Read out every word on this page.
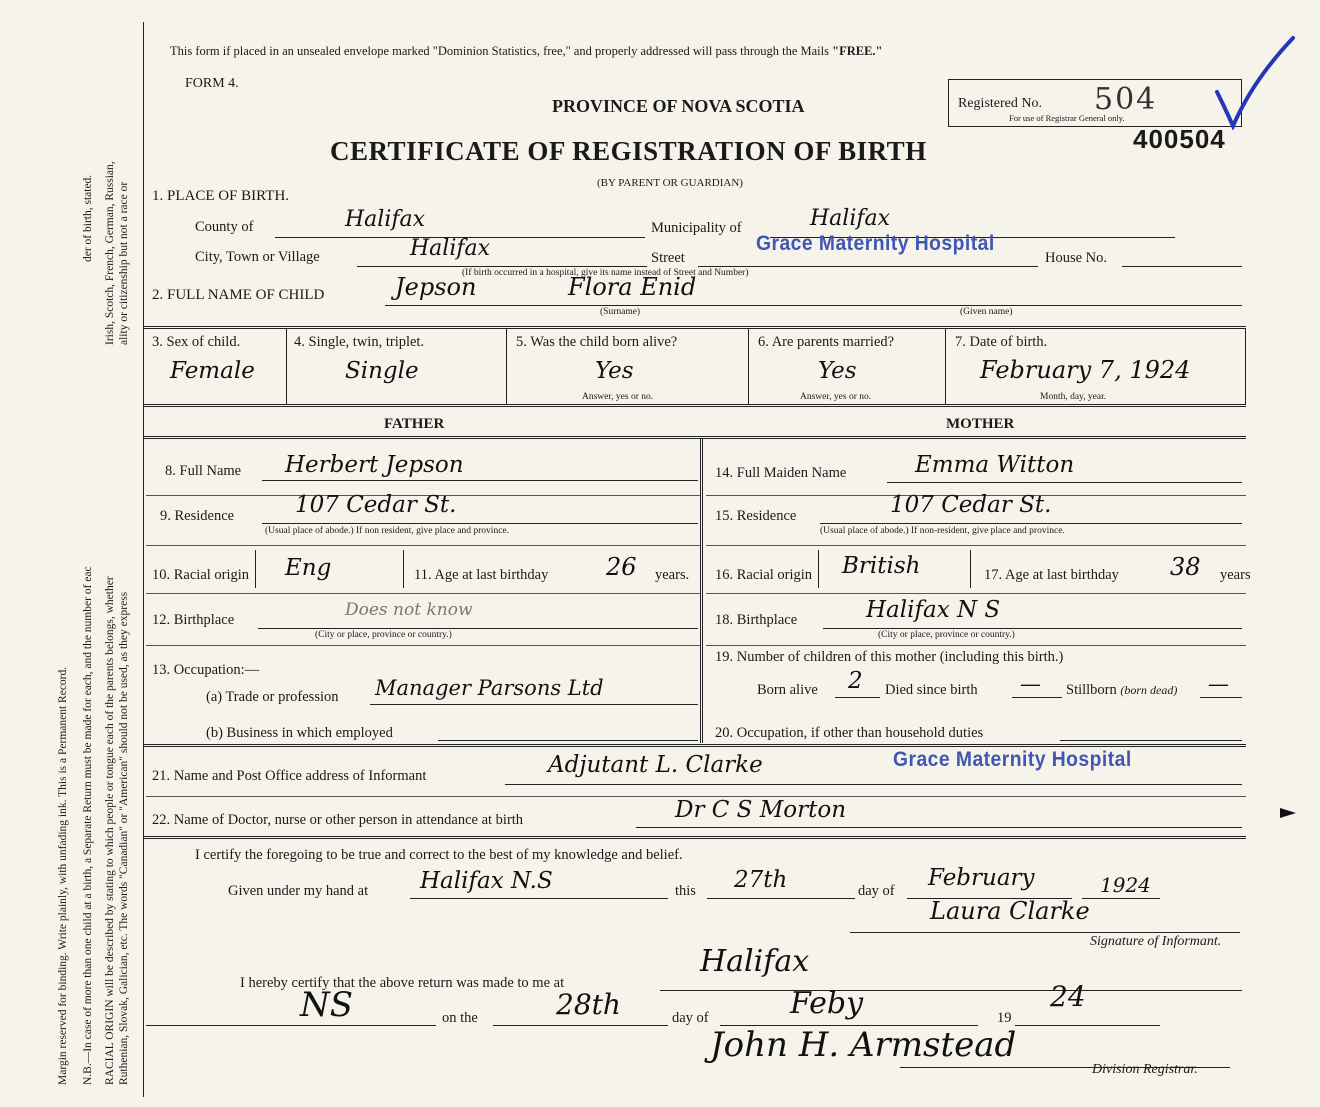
Margin reserved for binding. Write plainly, with unfading ink. This is a Permanent Record. N.B.—In case of more than one child at a birth, a Separate Return must be made for each, and the number of eac RACIAL ORIGIN will be described by stating to which people or tongue each of the parents belongs, whether Ruthenian, Slovak, Galician, etc. The words "Canadian" or "American" should not be used, as they express
Irish, Scotch, French, German, Russian, ality or citizenship but not a race or
der of birth, stated.
This form if placed in an unsealed envelope marked "Dominion Statistics, free," and properly addressed will pass through the Mails "FREE."
FORM 4.
PROVINCE OF NOVA SCOTIA
CERTIFICATE OF REGISTRATION OF BIRTH
(BY PARENT OR GUARDIAN)
Registered No. 504
For use of Registrar General only.
400504
1. PLACE OF BIRTH.
County of	Halifax	Municipality of	Halifax
City, Town or Village	Halifax	Street
Grace Maternity Hospital
House No.
(If birth occurred in a hospital, give its name instead of Street and Number)
2. FULL NAME OF CHILD	Jepson	Flora Enid
(Surname)	(Given name)
3. Sex of child.
Female
4. Single, twin, triplet.
Single
5. Was the child born alive?
Yes
Answer, yes or no.
6. Are parents married?
Yes
Answer, yes or no.
7. Date of birth.
February 7, 1924
Month, day, year.
FATHER	MOTHER
8. Full Name Herbert Jepson
9. Residence	107 Cedar St.
(Usual place of abode.) If non resident, give place and province.
10. Racial origin Eng	11. Age at last birthday 26 years.
12. Birthplace	Does not know
(City or place, province or country.)
13. Occupation:—
(a) Trade or profession Manager Parsons Ltd
(b) Business in which employed
14. Full Maiden Name	Emma Witton
15. Residence	107 Cedar St.
(Usual place of abode.) If non-resident, give place and province.
16. Racial origin British	17. Age at last birthday 38 years
18. Birthplace	Halifax N S
(City or place, province or country.)
19. Number of children of this mother (including this birth.)
Born alive 2 Died since birth — Stillborn (born dead) —
20. Occupation, if other than household duties
21. Name and Post Office address of Informant	Adjutant L. Clarke	Grace Maternity Hospital
22. Name of Doctor, nurse or other person in attendance at birth	Dr C S Morton
I certify the foregoing to be true and correct to the best of my knowledge and belief.
Given under my hand at Halifax N.S	this 27th	day of February	1924
Laura Clarke
Signature of Informant.
I hereby certify that the above return was made to me at
Halifax
NS	on the	28th	day of	Feby	19
24
John H. Armstead
Division Registrar.
